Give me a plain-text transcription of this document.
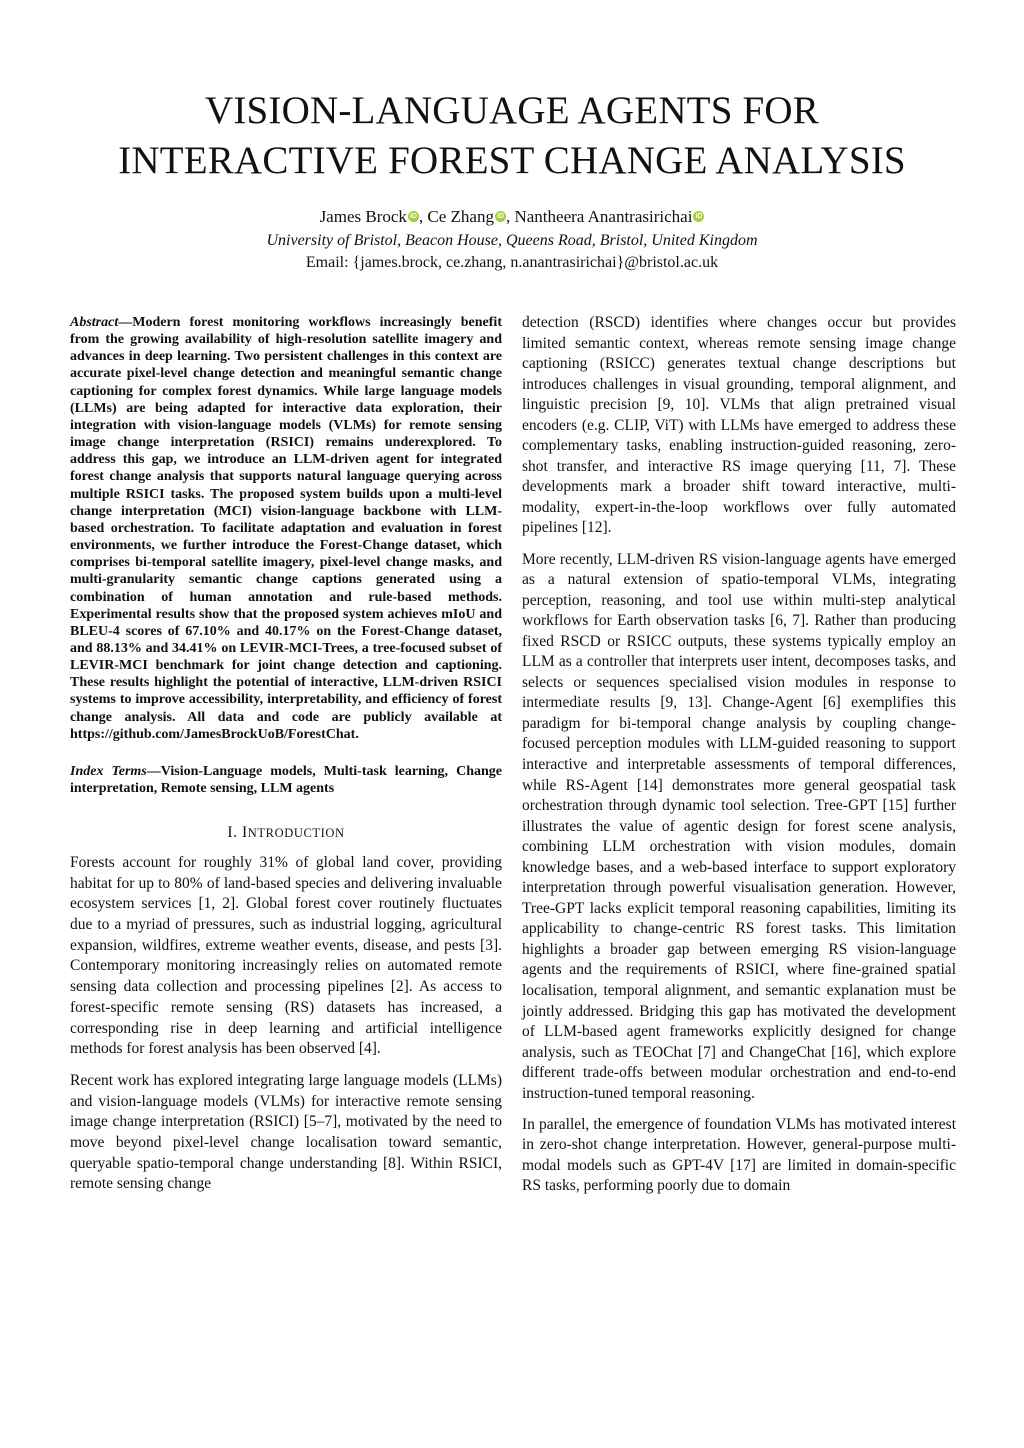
VISION-LANGUAGE AGENTS FOR
INTERACTIVE FOREST CHANGE ANALYSIS
James Brock iD , Ce Zhang iD , Nantheera Anantrasirichai iD
University of Bristol, Beacon House, Queens Road, Bristol, United Kingdom
Email: {james.brock, ce.zhang, n.anantrasirichai}@bristol.ac.uk

Abstract—Modern forest monitoring workflows increasingly benefit from the growing availability of high-resolution satellite imagery and advances in deep learning. Two persistent challenges in this context are accurate pixel-level change detection and meaningful semantic change captioning for complex forest dynamics. While large language models (LLMs) are being adapted for interactive data exploration, their integration with vision-language models (VLMs) for remote sensing image change interpretation (RSICI) remains underexplored. To address this gap, we introduce an LLM-driven agent for integrated forest change analysis that supports natural language querying across multiple RSICI tasks. The proposed system builds upon a multi-level change interpretation (MCI) vision-language backbone with LLM-based orchestration. To facilitate adaptation and evaluation in forest environments, we further introduce the Forest-Change dataset, which comprises bi-temporal satellite imagery, pixel-level change masks, and multi-granularity semantic change captions generated using a combination of human annotation and rule-based methods. Experimental results show that the proposed system achieves mIoU and BLEU-4 scores of 67.10% and 40.17% on the Forest-Change dataset, and 88.13% and 34.41% on LEVIR-MCI-Trees, a tree-focused subset of LEVIR-MCI benchmark for joint change detection and captioning. These results highlight the potential of interactive, LLM-driven RSICI systems to improve accessibility, interpretability, and efficiency of forest change analysis. All data and code are publicly available at https://github.com/JamesBrockUoB/ForestChat.

Index Terms—Vision-Language models, Multi-task learning, Change interpretation, Remote sensing, LLM agents

I. INTRODUCTION

Forests account for roughly 31% of global land cover, providing habitat for up to 80% of land-based species and delivering invaluable ecosystem services [1, 2]. Global forest cover routinely fluctuates due to a myriad of pressures, such as industrial logging, agricultural expansion, wildfires, extreme weather events, disease, and pests [3]. Contemporary monitoring increasingly relies on automated remote sensing data collection and processing pipelines [2]. As access to forest-specific remote sensing (RS) datasets has increased, a corresponding rise in deep learning and artificial intelligence methods for forest analysis has been observed [4].

Recent work has explored integrating large language models (LLMs) and vision-language models (VLMs) for interactive remote sensing image change interpretation (RSICI) [5–7], motivated by the need to move beyond pixel-level change localisation toward semantic, queryable spatio-temporal change understanding [8]. Within RSICI, remote sensing change

detection (RSCD) identifies where changes occur but provides limited semantic context, whereas remote sensing image change captioning (RSICC) generates textual change descriptions but introduces challenges in visual grounding, temporal alignment, and linguistic precision [9, 10]. VLMs that align pretrained visual encoders (e.g. CLIP, ViT) with LLMs have emerged to address these complementary tasks, enabling instruction-guided reasoning, zero-shot transfer, and interactive RS image querying [11, 7]. These developments mark a broader shift toward interactive, multi-modality, expert-in-the-loop workflows over fully automated pipelines [12].

More recently, LLM-driven RS vision-language agents have emerged as a natural extension of spatio-temporal VLMs, integrating perception, reasoning, and tool use within multi-step analytical workflows for Earth observation tasks [6, 7]. Rather than producing fixed RSCD or RSICC outputs, these systems typically employ an LLM as a controller that interprets user intent, decomposes tasks, and selects or sequences specialised vision modules in response to intermediate results [9, 13]. Change-Agent [6] exemplifies this paradigm for bi-temporal change analysis by coupling change-focused perception modules with LLM-guided reasoning to support interactive and interpretable assessments of temporal differences, while RS-Agent [14] demonstrates more general geospatial task orchestration through dynamic tool selection. Tree-GPT [15] further illustrates the value of agentic design for forest scene analysis, combining LLM orchestration with vision modules, domain knowledge bases, and a web-based interface to support exploratory interpretation through powerful visualisation generation. However, Tree-GPT lacks explicit temporal reasoning capabilities, limiting its applicability to change-centric RS forest tasks. This limitation highlights a broader gap between emerging RS vision-language agents and the requirements of RSICI, where fine-grained spatial localisation, temporal alignment, and semantic explanation must be jointly addressed. Bridging this gap has motivated the development of LLM-based agent frameworks explicitly designed for change analysis, such as TEOChat [7] and ChangeChat [16], which explore different trade-offs between modular orchestration and end-to-end instruction-tuned temporal reasoning.

In parallel, the emergence of foundation VLMs has motivated interest in zero-shot change interpretation. However, general-purpose multi-modal models such as GPT-4V [17] are limited in domain-specific RS tasks, performing poorly due to domain
